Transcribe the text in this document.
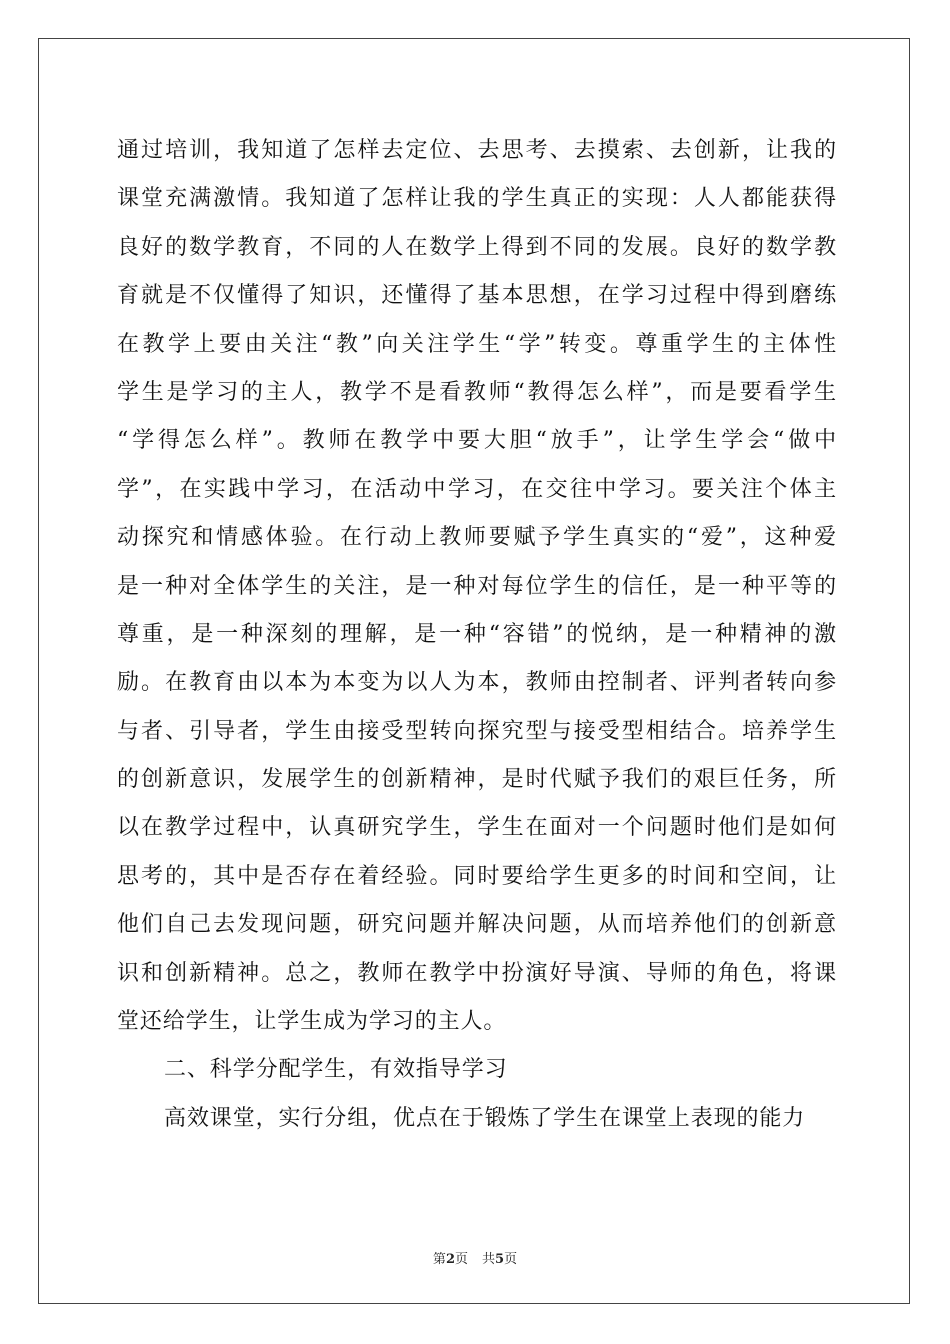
通过培训，我知道了怎样去定位、去思考、去摸索、去创新，让我的
课堂充满激情。我知道了怎样让我的学生真正的实现：人人都能获得
良好的数学教育，不同的人在数学上得到不同的发展。良好的数学教
育就是不仅懂得了知识，还懂得了基本思想，在学习过程中得到磨练
在教学上要由关注“教”向关注学生“学”转变。尊重学生的主体性
学生是学习的主人，教学不是看教师“教得怎么样”，而是要看学生
“学得怎么样”。教师在教学中要大胆“放手”，让学生学会“做中
学”，在实践中学习，在活动中学习，在交往中学习。要关注个体主
动探究和情感体验。在行动上教师要赋予学生真实的“爱”，这种爱
是一种对全体学生的关注，是一种对每位学生的信任，是一种平等的
尊重，是一种深刻的理解，是一种“容错”的悦纳，是一种精神的激
励。在教育由以本为本变为以人为本，教师由控制者、评判者转向参
与者、引导者，学生由接受型转向探究型与接受型相结合。培养学生
的创新意识，发展学生的创新精神，是时代赋予我们的艰巨任务，所
以在教学过程中，认真研究学生，学生在面对一个问题时他们是如何
思考的，其中是否存在着经验。同时要给学生更多的时间和空间，让
他们自己去发现问题，研究问题并解决问题，从而培养他们的创新意
识和创新精神。总之，教师在教学中扮演好导演、导师的角色，将课
堂还给学生，让学生成为学习的主人。
二、科学分配学生，有效指导学习
高效课堂，实行分组，优点在于锻炼了学生在课堂上表现的能力
第2页 共5页
